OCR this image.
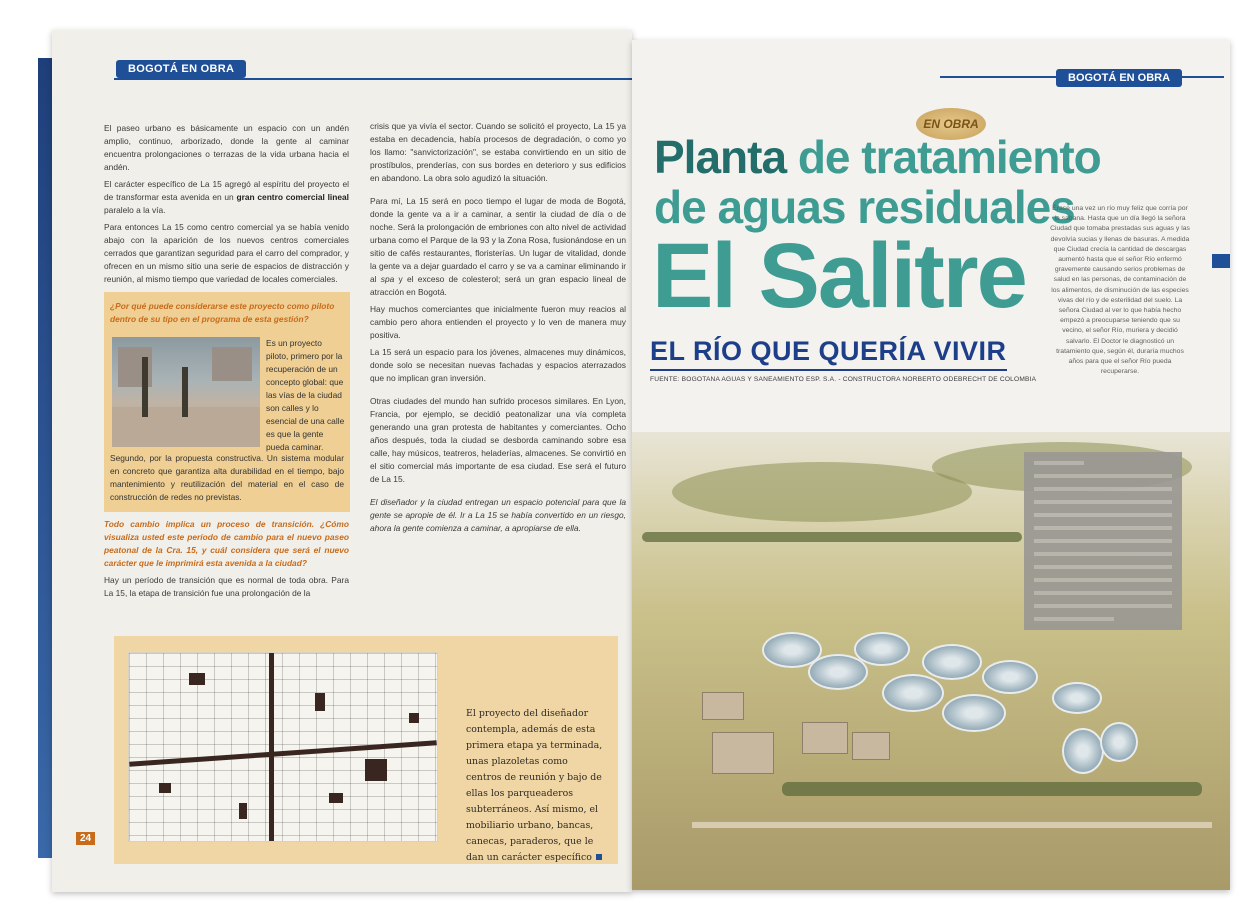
BOGOTÁ EN OBRA

El paseo urbano es básicamente un espacio con un andén amplio, continuo, arborizado, donde la gente al caminar encuentra prolongaciones o terrazas de la vida urbana hacia el andén.

El carácter específico de La 15 agregó al espíritu del proyecto el de transformar esta avenida en un gran centro comercial lineal paralelo a la vía.

Para entonces La 15 como centro comercial ya se había venido abajo con la aparición de los nuevos centros comerciales cerrados que garantizan seguridad para el carro del comprador, y ofrecen en un mismo sitio una serie de espacios de distracción y reunión, al mismo tiempo que variedad de locales comerciales.

¿Por qué puede considerarse este proyecto como piloto dentro de su tipo en el programa de esta gestión?
Es un proyecto piloto, primero por la recuperación de un concepto global: que las vías de la ciudad son calles y lo esencial de una calle es que la gente pueda caminar.
Segundo, por la propuesta constructiva. Un sistema modular en concreto que garantiza alta durabilidad en el tiempo, bajo mantenimiento y reutilización del material en el caso de construcción de redes no previstas.

Todo cambio implica un proceso de transición. ¿Cómo visualiza usted este período de cambio para el nuevo paseo peatonal de la Cra. 15, y cuál considera que será el nuevo carácter que le imprimirá esta avenida a la ciudad?

Hay un período de transición que es normal de toda obra. Para La 15, la etapa de transición fue una prolongación de la

crisis que ya vivía el sector. Cuando se solicitó el proyecto, La 15 ya estaba en decadencia, había procesos de degradación, o como yo los llamo: "sanvictorización", se estaba convirtiendo en un sitio de prostíbulos, prenderías, con sus bordes en deterioro y sus edificios en abandono. La obra solo agudizó la situación.

Para mí, La 15 será en poco tiempo el lugar de moda de Bogotá, donde la gente va a ir a caminar, a sentir la ciudad de día o de noche. Será la prolongación de embriones con alto nivel de actividad urbana como el Parque de la 93 y la Zona Rosa, fusionándose en un sitio de cafés restaurantes, floristerías. Un lugar de vitalidad, donde la gente va a dejar guardado el carro y se va a caminar eliminando ir al spa y el exceso de colesterol; será un gran espacio lineal de atracción en Bogotá.

Hay muchos comerciantes que inicialmente fueron muy reacios al cambio pero ahora entienden el proyecto y lo ven de manera muy positiva.

La 15 será un espacio para los jóvenes, almacenes muy dinámicos, donde solo se necesitan nuevas fachadas y espacios aterrazados que no implican gran inversión.

Otras ciudades del mundo han sufrido procesos similares. En Lyon, Francia, por ejemplo, se decidió peatonalizar una vía completa generando una gran protesta de habitantes y comerciantes. Ocho años después, toda la ciudad se desborda caminando sobre esa calle, hay músicos, teatreros, heladerías, almacenes. Se convirtió en el sitio comercial más importante de esa ciudad. Ese será el futuro de La 15.

El diseñador y la ciudad entregan un espacio potencial para que la gente se apropie de él. Ir a La 15 se había convertido en un riesgo, ahora la gente comienza a caminar, a apropiarse de ella.

El proyecto del diseñador contempla, además de esta primera etapa ya terminada, unas plazoletas como centros de reunión y bajo de ellas los parqueaderos subterráneos. Así mismo, el mobiliario urbano, bancas, canecas, paraderos, que le dan un carácter específico
24
BOGOTÁ EN OBRA
EN OBRA
Planta de tratamiento
de aguas residuales
El Salitre
EL RÍO QUE QUERÍA VIVIR
FUENTE: BOGOTANA AGUAS Y SANEAMIENTO ESP. S.A. - CONSTRUCTORA NORBERTO ODEBRECHT DE COLOMBIA
Érase una vez un río muy feliz que corría por la sabana. Hasta que un día llegó la señora Ciudad que tomaba prestadas sus aguas y las devolvía sucias y llenas de basuras. A medida que Ciudad crecía la cantidad de descargas aumentó hasta que el señor Río enfermó gravemente causando serios problemas de salud en las personas, de contaminación de los alimentos, de disminución de las especies vivas del río y de esterilidad del suelo. La señora Ciudad al ver lo que había hecho empezó a preocuparse teniendo que su vecino, el señor Río, muriera y decidió salvarlo. El Doctor le diagnosticó un tratamiento que, según él, duraría muchos años para que el señor Río pueda recuperarse.
